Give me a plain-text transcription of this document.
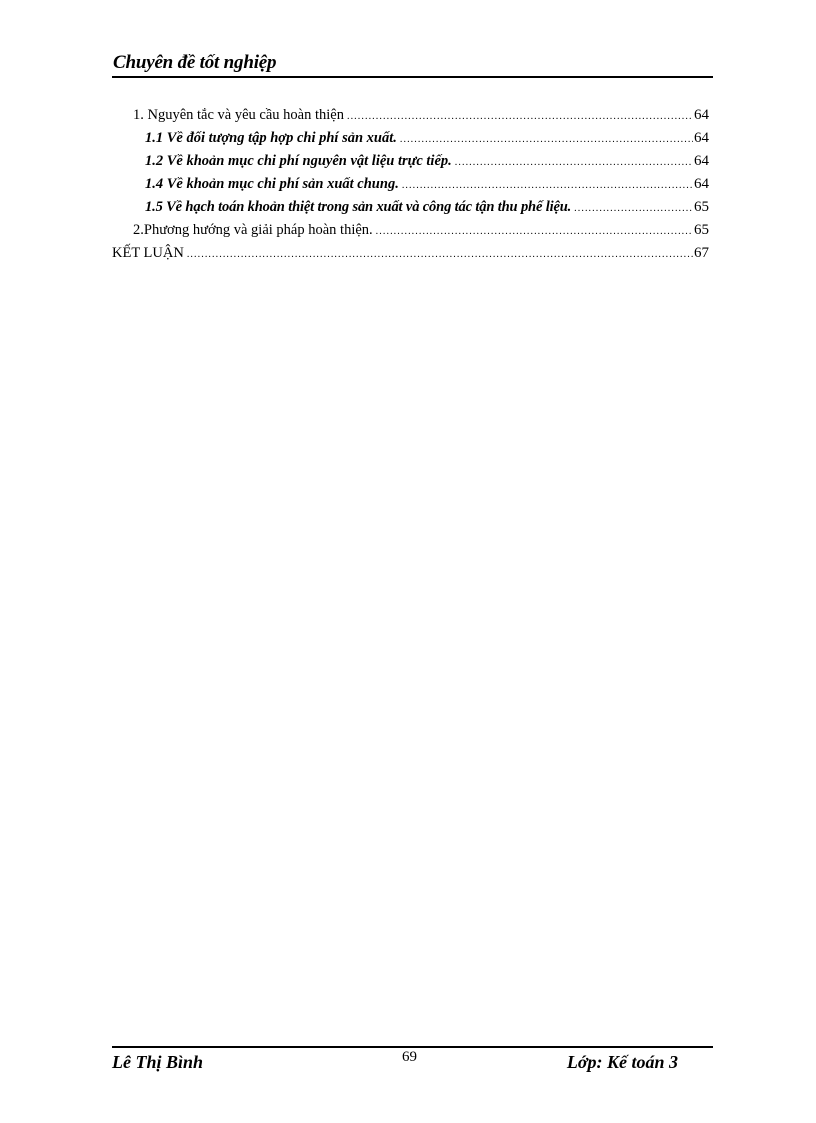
Chuyên đề tốt nghiệp
1. Nguyên tắc và yêu cầu hoàn thiện .....	64
1.1 Về đối tượng tập hợp chi phí sản xuất. .....	64
1.2 Về khoản mục chi phí nguyên vật liệu trực tiếp. .....	64
1.4 Về khoản mục chi phí sản xuất chung. .....	64
1.5 Về hạch toán khoản thiệt trong sản xuất và công tác tận thu phế liệu. .....	65
2.Phương hướng và giải pháp hoàn thiện. .....	65
KẾT LUẬN .....	67
Lê Thị Bình	69	Lớp: Kế toán 3
